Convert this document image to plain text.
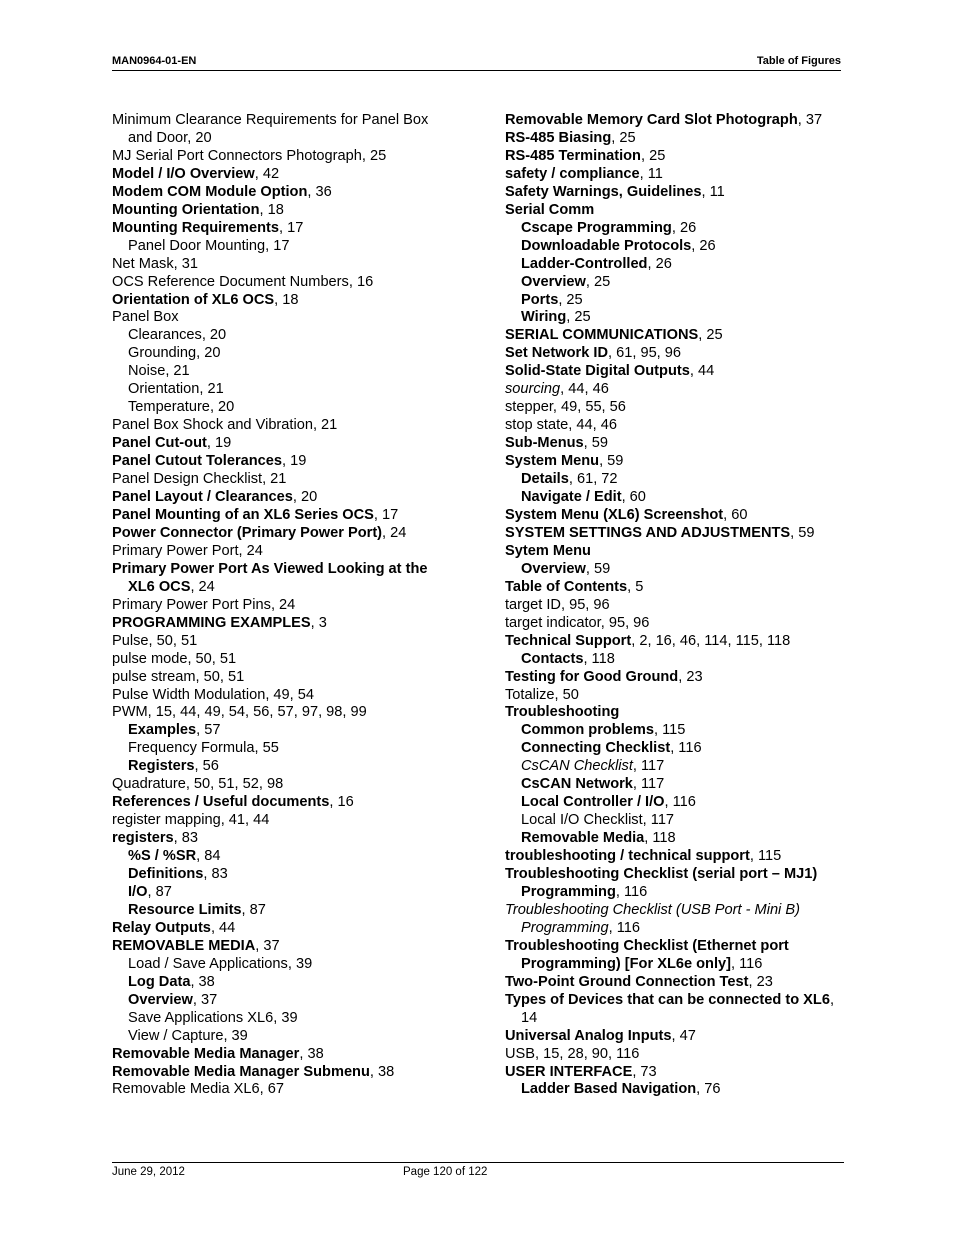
MAN0964-01-EN	Table of Figures
Minimum Clearance Requirements for Panel Box and Door, 20
MJ Serial Port Connectors Photograph, 25
Model / I/O Overview, 42
Modem COM Module Option, 36
Mounting Orientation, 18
Mounting Requirements, 17
Panel Door Mounting, 17
Net Mask, 31
OCS Reference Document Numbers, 16
Orientation of XL6 OCS, 18
Panel Box
Clearances, 20
Grounding, 20
Noise, 21
Orientation, 21
Temperature, 20
Panel Box Shock and Vibration, 21
Panel Cut-out, 19
Panel Cutout Tolerances, 19
Panel Design Checklist, 21
Panel Layout / Clearances, 20
Panel Mounting of an XL6 Series OCS, 17
Power Connector (Primary Power Port), 24
Primary Power Port, 24
Primary Power Port As Viewed Looking at the XL6 OCS, 24
Primary Power Port Pins, 24
PROGRAMMING EXAMPLES, 3
Pulse, 50, 51
pulse mode, 50, 51
pulse stream, 50, 51
Pulse Width Modulation, 49, 54
PWM, 15, 44, 49, 54, 56, 57, 97, 98, 99
Examples, 57
Frequency Formula, 55
Registers, 56
Quadrature, 50, 51, 52, 98
References / Useful documents, 16
register mapping, 41, 44
registers, 83
%S / %SR, 84
Definitions, 83
I/O, 87
Resource Limits, 87
Relay Outputs, 44
REMOVABLE MEDIA, 37
Load / Save Applications, 39
Log Data, 38
Overview, 37
Save Applications XL6, 39
View / Capture, 39
Removable Media Manager, 38
Removable Media Manager Submenu, 38
Removable Media XL6, 67
Removable Memory Card Slot Photograph, 37
RS-485 Biasing, 25
RS-485 Termination, 25
safety / compliance, 11
Safety Warnings, Guidelines, 11
Serial Comm
Cscape Programming, 26
Downloadable Protocols, 26
Ladder-Controlled, 26
Overview, 25
Ports, 25
Wiring, 25
SERIAL COMMUNICATIONS, 25
Set Network ID, 61, 95, 96
Solid-State Digital Outputs, 44
sourcing, 44, 46
stepper, 49, 55, 56
stop state, 44, 46
Sub-Menus, 59
System Menu, 59
Details, 61, 72
Navigate / Edit, 60
System Menu (XL6) Screenshot, 60
SYSTEM SETTINGS AND ADJUSTMENTS, 59
Sytem Menu
Overview, 59
Table of Contents, 5
target ID, 95, 96
target indicator, 95, 96
Technical Support, 2, 16, 46, 114, 115, 118
Contacts, 118
Testing for Good Ground, 23
Totalize, 50
Troubleshooting
Common problems, 115
Connecting Checklist, 116
CsCAN Checklist, 117
CsCAN Network, 117
Local Controller / I/O, 116
Local I/O Checklist, 117
Removable Media, 118
troubleshooting / technical support, 115
Troubleshooting Checklist (serial port – MJ1) Programming, 116
Troubleshooting Checklist (USB Port - Mini B) Programming, 116
Troubleshooting Checklist (Ethernet port Programming) [For XL6e only], 116
Two-Point Ground Connection Test, 23
Types of Devices that can be connected to XL6, 14
Universal Analog Inputs, 47
USB, 15, 28, 90, 116
USER INTERFACE, 73
Ladder Based Navigation, 76
June 29, 2012	Page 120 of 122
